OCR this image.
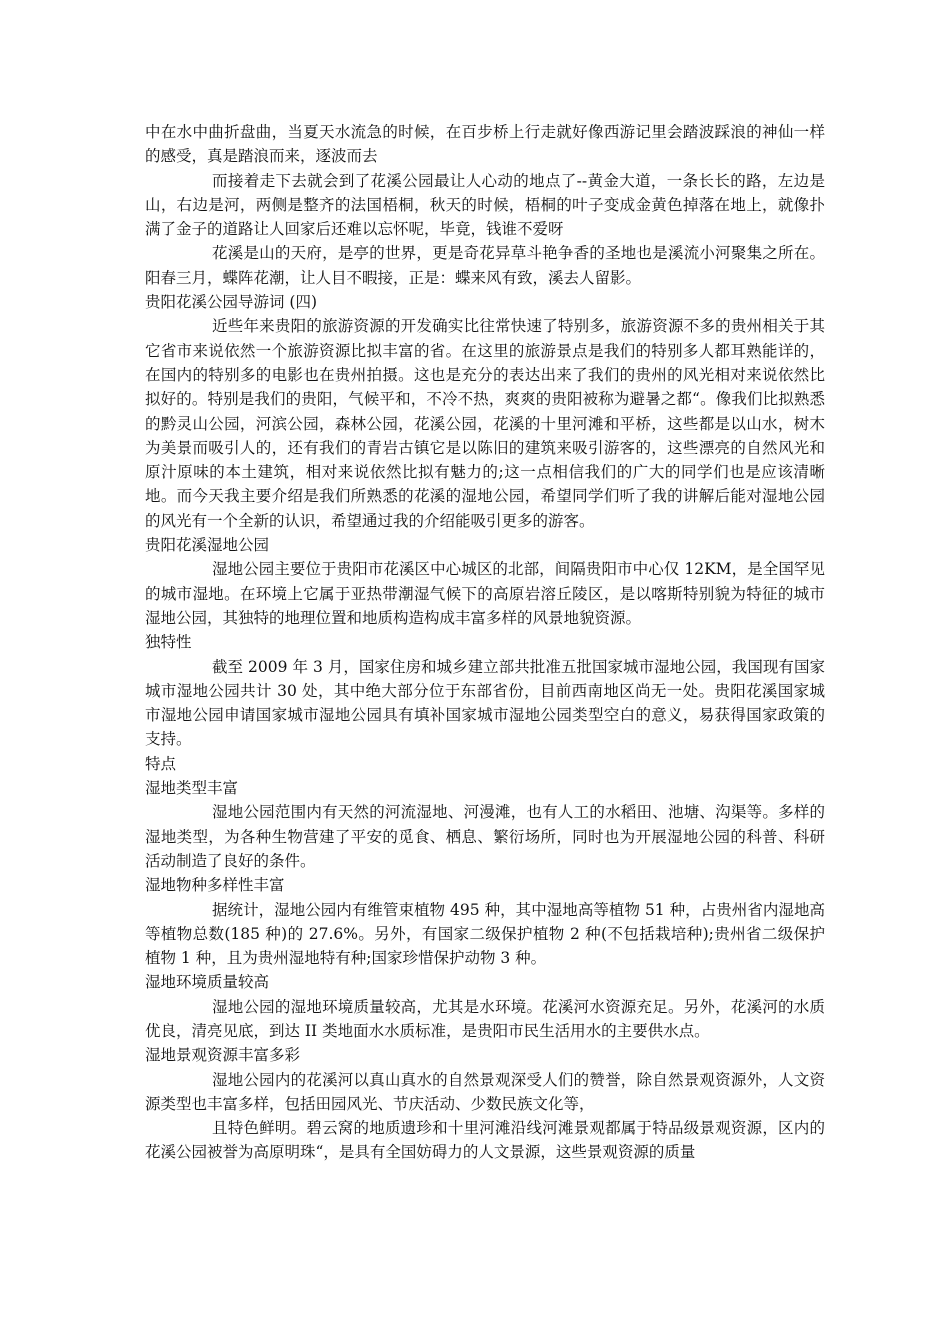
中在水中曲折盘曲，当夏天水流急的时候，在百步桥上行走就好像西游记里会踏波踩浪的神仙一样的感受，真是踏浪而来，逐波而去

而接着走下去就会到了花溪公园最让人心动的地点了--黄金大道，一条长长的路，左边是山，右边是河，两侧是整齐的法国梧桐，秋天的时候，梧桐的叶子变成金黄色掉落在地上，就像扑满了金子的道路让人回家后还难以忘怀呢，毕竟，钱谁不爱呀

花溪是山的天府，是亭的世界，更是奇花异草斗艳争香的圣地也是溪流小河聚集之所在。阳春三月，蝶阵花潮，让人目不暇接，正是：蝶来风有致，溪去人留影。

贵阳花溪公园导游词 (四)

近些年来贵阳的旅游资源的开发确实比往常快速了特别多，旅游资源不多的贵州相关于其它省市来说依然一个旅游资源比拟丰富的省。在这里的旅游景点是我们的特别多人都耳熟能详的，在国内的特别多的电影也在贵州拍摄。这也是充分的表达出来了我们的贵州的风光相对来说依然比拟好的。特别是我们的贵阳，气候平和，不冷不热，爽爽的贵阳被称为避暑之都“。像我们比拟熟悉的黔灵山公园，河滨公园，森林公园，花溪公园，花溪的十里河滩和平桥，这些都是以山水，树木为美景而吸引人的，还有我们的青岩古镇它是以陈旧的建筑来吸引游客的，这些漂亮的自然风光和原汁原味的本土建筑，相对来说依然比拟有魅力的;这一点相信我们的广大的同学们也是应该清晰地。而今天我主要介绍是我们所熟悉的花溪的湿地公园，希望同学们听了我的讲解后能对湿地公园的风光有一个全新的认识，希望通过我的介绍能吸引更多的游客。

贵阳花溪湿地公园

湿地公园主要位于贵阳市花溪区中心城区的北部，间隔贵阳市中心仅 12KM，是全国罕见的城市湿地。在环境上它属于亚热带潮湿气候下的高原岩溶丘陵区，是以喀斯特别貌为特征的城市湿地公园，其独特的地理位置和地质构造构成丰富多样的风景地貌资源。

独特性

截至 2009 年 3 月，国家住房和城乡建立部共批准五批国家城市湿地公园，我国现有国家城市湿地公园共计 30 处，其中绝大部分位于东部省份，目前西南地区尚无一处。贵阳花溪国家城市湿地公园申请国家城市湿地公园具有填补国家城市湿地公园类型空白的意义，易获得国家政策的支持。

特点

湿地类型丰富

湿地公园范围内有天然的河流湿地、河漫滩，也有人工的水稻田、池塘、沟渠等。多样的湿地类型，为各种生物营建了平安的觅食、栖息、繁衍场所，同时也为开展湿地公园的科普、科研活动制造了良好的条件。

湿地物种多样性丰富

据统计，湿地公园内有维管束植物 495 种，其中湿地高等植物 51 种，占贵州省内湿地高等植物总数(185 种)的 27.6%。另外，有国家二级保护植物 2 种(不包括栽培种);贵州省二级保护植物 1 种，且为贵州湿地特有种;国家珍惜保护动物 3 种。

湿地环境质量较高

湿地公园的湿地环境质量较高，尤其是水环境。花溪河水资源充足。另外，花溪河的水质优良，清亮见底，到达 II 类地面水水质标准，是贵阳市民生活用水的主要供水点。

湿地景观资源丰富多彩

湿地公园内的花溪河以真山真水的自然景观深受人们的赞誉，除自然景观资源外，人文资源类型也丰富多样，包括田园风光、节庆活动、少数民族文化等，

且特色鲜明。碧云窝的地质遗珍和十里河滩沿线河滩景观都属于特品级景观资源，区内的花溪公园被誉为高原明珠“，是具有全国妨碍力的人文景源，这些景观资源的质量
